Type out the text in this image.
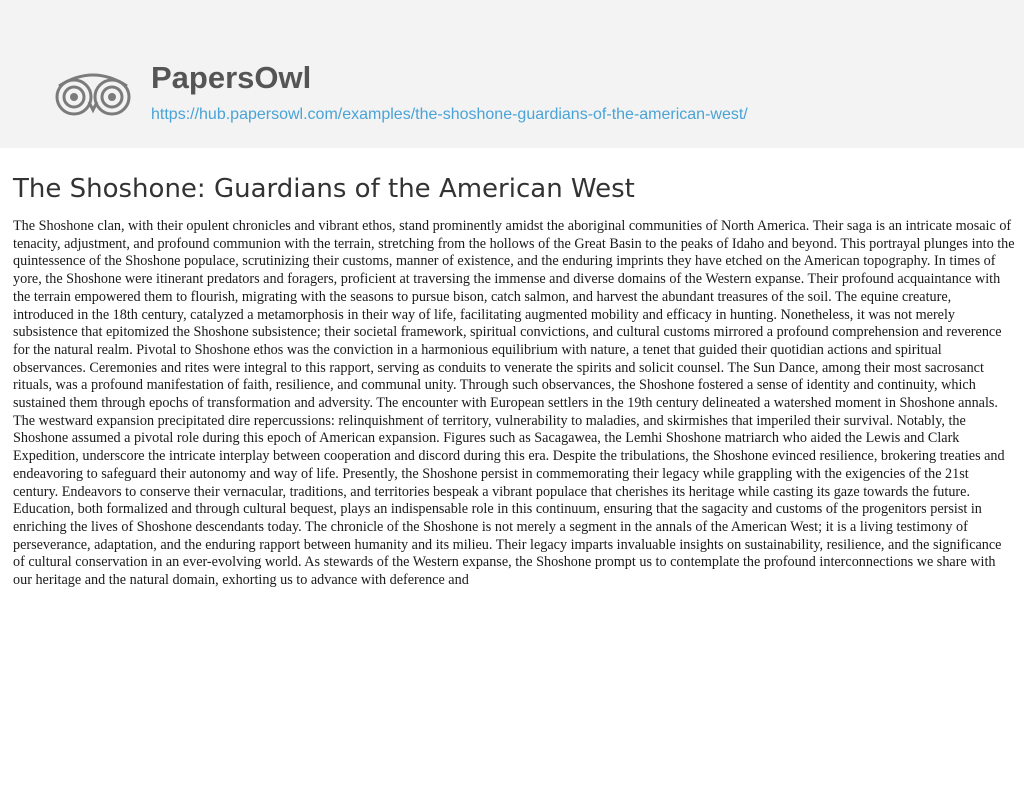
PapersOwl
https://hub.papersowl.com/examples/the-shoshone-guardians-of-the-american-west/
The Shoshone: Guardians of the American West

The Shoshone clan, with their opulent chronicles and vibrant ethos, stand prominently amidst the aboriginal communities of North America. Their saga is an intricate mosaic of tenacity, adjustment, and profound communion with the terrain, stretching from the hollows of the Great Basin to the peaks of Idaho and beyond. This portrayal plunges into the quintessence of the Shoshone populace, scrutinizing their customs, manner of existence, and the enduring imprints they have etched on the American topography. In times of yore, the Shoshone were itinerant predators and foragers, proficient at traversing the immense and diverse domains of the Western expanse. Their profound acquaintance with the terrain empowered them to flourish, migrating with the seasons to pursue bison, catch salmon, and harvest the abundant treasures of the soil. The equine creature, introduced in the 18th century, catalyzed a metamorphosis in their way of life, facilitating augmented mobility and efficacy in hunting. Nonetheless, it was not merely subsistence that epitomized the Shoshone subsistence; their societal framework, spiritual convictions, and cultural customs mirrored a profound comprehension and reverence for the natural realm. Pivotal to Shoshone ethos was the conviction in a harmonious equilibrium with nature, a tenet that guided their quotidian actions and spiritual observances. Ceremonies and rites were integral to this rapport, serving as conduits to venerate the spirits and solicit counsel. The Sun Dance, among their most sacrosanct rituals, was a profound manifestation of faith, resilience, and communal unity. Through such observances, the Shoshone fostered a sense of identity and continuity, which sustained them through epochs of transformation and adversity. The encounter with European settlers in the 19th century delineated a watershed moment in Shoshone annals. The westward expansion precipitated dire repercussions: relinquishment of territory, vulnerability to maladies, and skirmishes that imperiled their survival. Notably, the Shoshone assumed a pivotal role during this epoch of American expansion. Figures such as Sacagawea, the Lemhi Shoshone matriarch who aided the Lewis and Clark Expedition, underscore the intricate interplay between cooperation and discord during this era. Despite the tribulations, the Shoshone evinced resilience, brokering treaties and endeavoring to safeguard their autonomy and way of life. Presently, the Shoshone persist in commemorating their legacy while grappling with the exigencies of the 21st century. Endeavors to conserve their vernacular, traditions, and territories bespeak a vibrant populace that cherishes its heritage while casting its gaze towards the future. Education, both formalized and through cultural bequest, plays an indispensable role in this continuum, ensuring that the sagacity and customs of the progenitors persist in enriching the lives of Shoshone descendants today. The chronicle of the Shoshone is not merely a segment in the annals of the American West; it is a living testimony of perseverance, adaptation, and the enduring rapport between humanity and its milieu. Their legacy imparts invaluable insights on sustainability, resilience, and the significance of cultural conservation in an ever-evolving world. As stewards of the Western expanse, the Shoshone prompt us to contemplate the profound interconnections we share with our heritage and the natural domain, exhorting us to advance with deference and
